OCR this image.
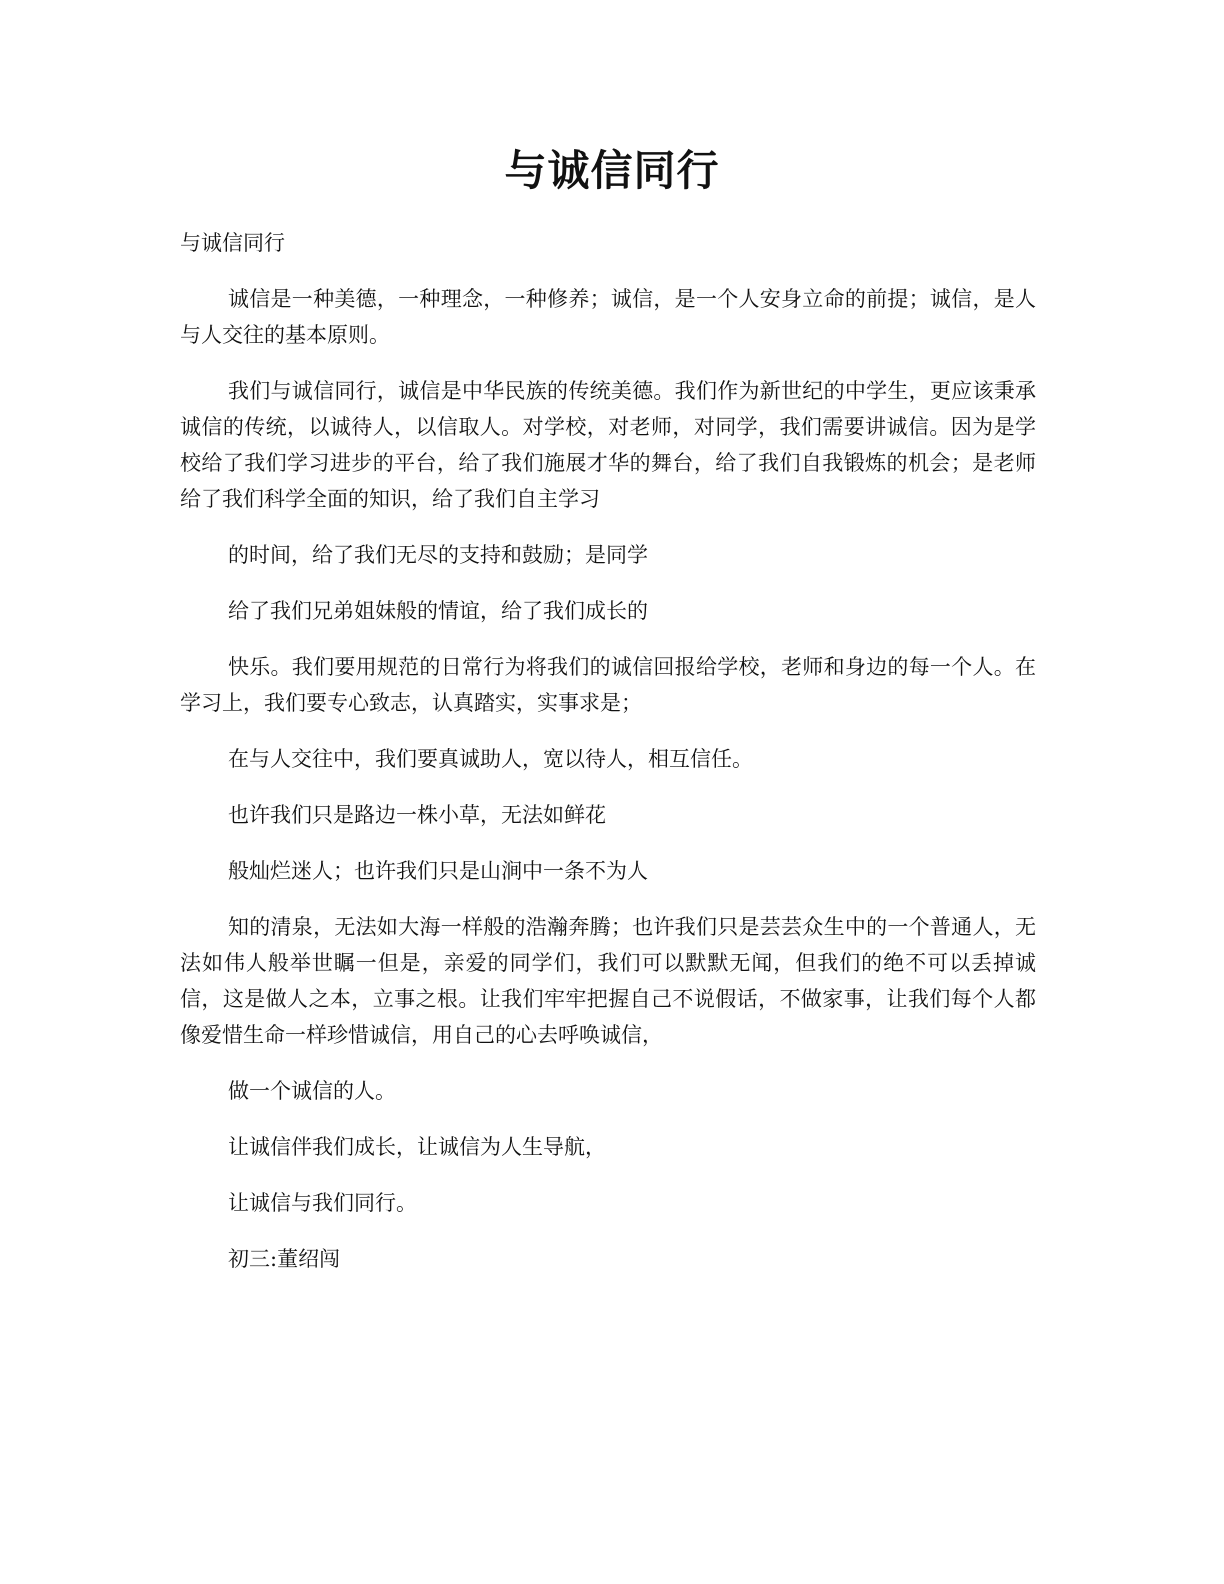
与诚信同行

与诚信同行

诚信是一种美德，一种理念，一种修养；诚信，是一个人安身立命的前提；诚信，是人与人交往的基本原则。

我们与诚信同行，诚信是中华民族的传统美德。我们作为新世纪的中学生，更应该秉承诚信的传统，以诚待人，以信取人。对学校，对老师，对同学，我们需要讲诚信。因为是学校给了我们学习进步的平台，给了我们施展才华的舞台，给了我们自我锻炼的机会；是老师给了我们科学全面的知识，给了我们自主学习

的时间，给了我们无尽的支持和鼓励；是同学

给了我们兄弟姐妹般的情谊，给了我们成长的

快乐。我们要用规范的日常行为将我们的诚信回报给学校，老师和身边的每一个人。在学习上，我们要专心致志，认真踏实，实事求是；

在与人交往中，我们要真诚助人，宽以待人，相互信任。

也许我们只是路边一株小草，无法如鲜花

般灿烂迷人；也许我们只是山涧中一条不为人

知的清泉，无法如大海一样般的浩瀚奔腾；也许我们只是芸芸众生中的一个普通人，无法如伟人般举世瞩一但是，亲爱的同学们，我们可以默默无闻，但我们的绝不可以丢掉诚信，这是做人之本，立事之根。让我们牢牢把握自己不说假话，不做家事，让我们每个人都像爱惜生命一样珍惜诚信，用自己的心去呼唤诚信，

做一个诚信的人。

让诚信伴我们成长，让诚信为人生导航，

让诚信与我们同行。

初三:董绍闯
